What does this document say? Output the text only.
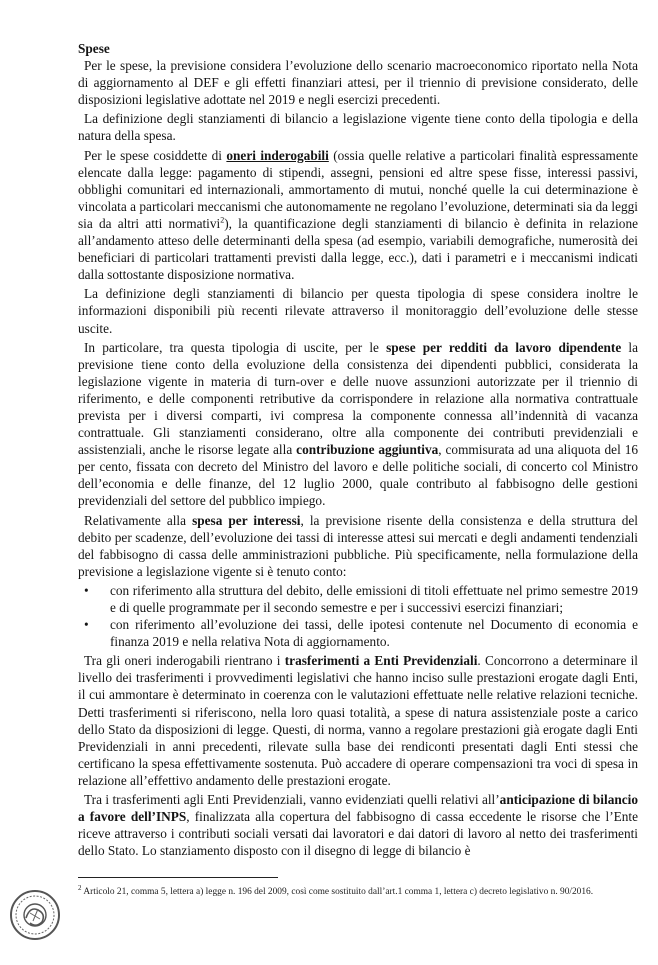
Spese

Per le spese, la previsione considera l’evoluzione dello scenario macroeconomico riportato nella Nota di aggiornamento al DEF e gli effetti finanziari attesi, per il triennio di previsione considerato, delle disposizioni legislative adottate nel 2019 e negli esercizi precedenti.

La definizione degli stanziamenti di bilancio a legislazione vigente tiene conto della tipologia e della natura della spesa.

Per le spese cosiddette di oneri inderogabili (ossia quelle relative a particolari finalità espressamente elencate dalla legge: pagamento di stipendi, assegni, pensioni ed altre spese fisse, interessi passivi, obblighi comunitari ed internazionali, ammortamento di mutui, nonché quelle la cui determinazione è vincolata a particolari meccanismi che autonomamente ne regolano l’evoluzione, determinati sia da leggi sia da altri atti normativi$^2$), la quantificazione degli stanziamenti di bilancio è definita in relazione all’andamento atteso delle determinanti della spesa (ad esempio, variabili demografiche, numerosità dei beneficiari di particolari trattamenti previsti dalla legge, ecc.), dati i parametri e i meccanismi indicati dalla sottostante disposizione normativa.

La definizione degli stanziamenti di bilancio per questa tipologia di spese considera inoltre le informazioni disponibili più recenti rilevate attraverso il monitoraggio dell’evoluzione delle stesse uscite.

In particolare, tra questa tipologia di uscite, per le spese per redditi da lavoro dipendente la previsione tiene conto della evoluzione della consistenza dei dipendenti pubblici, considerata la legislazione vigente in materia di turn-over e delle nuove assunzioni autorizzate per il triennio di riferimento, e delle componenti retributive da corrispondere in relazione alla normativa contrattuale prevista per i diversi comparti, ivi compresa la componente connessa all’indennità di vacanza contrattuale. Gli stanziamenti considerano, oltre alla componente dei contributi previdenziali e assistenziali, anche le risorse legate alla contribuzione aggiuntiva, commisurata ad una aliquota del 16 per cento, fissata con decreto del Ministro del lavoro e delle politiche sociali, di concerto col Ministro dell’economia e delle finanze, del 12 luglio 2000, quale contributo al fabbisogno delle gestioni previdenziali del settore del pubblico impiego.

Relativamente alla spesa per interessi, la previsione risente della consistenza e della struttura del debito per scadenze, dell’evoluzione dei tassi di interesse attesi sui mercati e degli andamenti tendenziali del fabbisogno di cassa delle amministrazioni pubbliche. Più specificamente, nella formulazione della previsione a legislazione vigente si è tenuto conto:

• con riferimento alla struttura del debito, delle emissioni di titoli effettuate nel primo semestre 2019 e di quelle programmate per il secondo semestre e per i successivi esercizi finanziari;
• con riferimento all’evoluzione dei tassi, delle ipotesi contenute nel Documento di economia e finanza 2019 e nella relativa Nota di aggiornamento.

Tra gli oneri inderogabili rientrano i trasferimenti a Enti Previdenziali. Concorrono a determinare il livello dei trasferimenti i provvedimenti legislativi che hanno inciso sulle prestazioni erogate dagli Enti, il cui ammontare è determinato in coerenza con le valutazioni effettuate nelle relative relazioni tecniche. Detti trasferimenti si riferiscono, nella loro quasi totalità, a spese di natura assistenziale poste a carico dello Stato da disposizioni di legge. Questi, di norma, vanno a regolare prestazioni già erogate dagli Enti Previdenziali in anni precedenti, rilevate sulla base dei rendiconti presentati dagli Enti stessi che certificano la spesa effettivamente sostenuta. Può accadere di operare compensazioni tra voci di spesa in relazione all’effettivo andamento delle prestazioni erogate.

Tra i trasferimenti agli Enti Previdenziali, vanno evidenziati quelli relativi all’anticipazione di bilancio a favore dell’INPS, finalizzata alla copertura del fabbisogno di cassa eccedente le risorse che l’Ente riceve attraverso i contributi sociali versati dai lavoratori e dai datori di lavoro al netto dei trasferimenti dello Stato. Lo stanziamento disposto con il disegno di legge di bilancio è

$^2$ Articolo 21, comma 5, lettera a) legge n. 196 del 2009, così come sostituito dall’art.1 comma 1, lettera c) decreto legislativo n. 90/2016.
